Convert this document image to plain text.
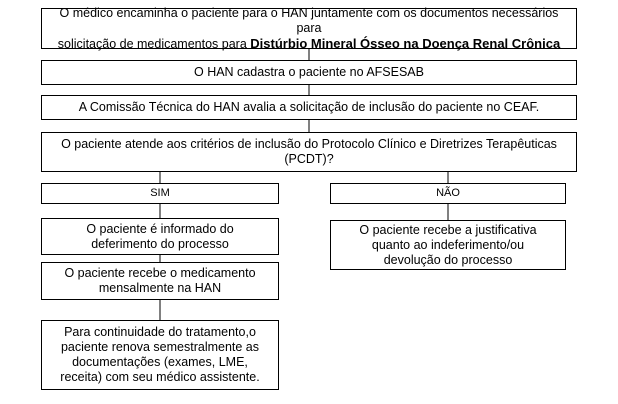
O médico encaminha o paciente para o HAN juntamente com os documentos necessários para
solicitação de medicamentos para Distúrbio Mineral Ósseo na Doença Renal Crônica
O HAN cadastra o paciente no AFSESAB
A Comissão Técnica do HAN avalia a solicitação de inclusão do paciente no CEAF.
O paciente atende aos critérios de inclusão do Protocolo Clínico e Diretrizes Terapêuticas (PCDT)?
SIM	NÃO
O paciente é informado do deferimento do processo
O paciente recebe a justificativa quanto ao indeferimento/ou devolução do processo
O paciente recebe o medicamento mensalmente na HAN
Para continuidade do tratamento,o paciente renova semestralmente as documentações (exames, LME, receita) com seu médico assistente.
